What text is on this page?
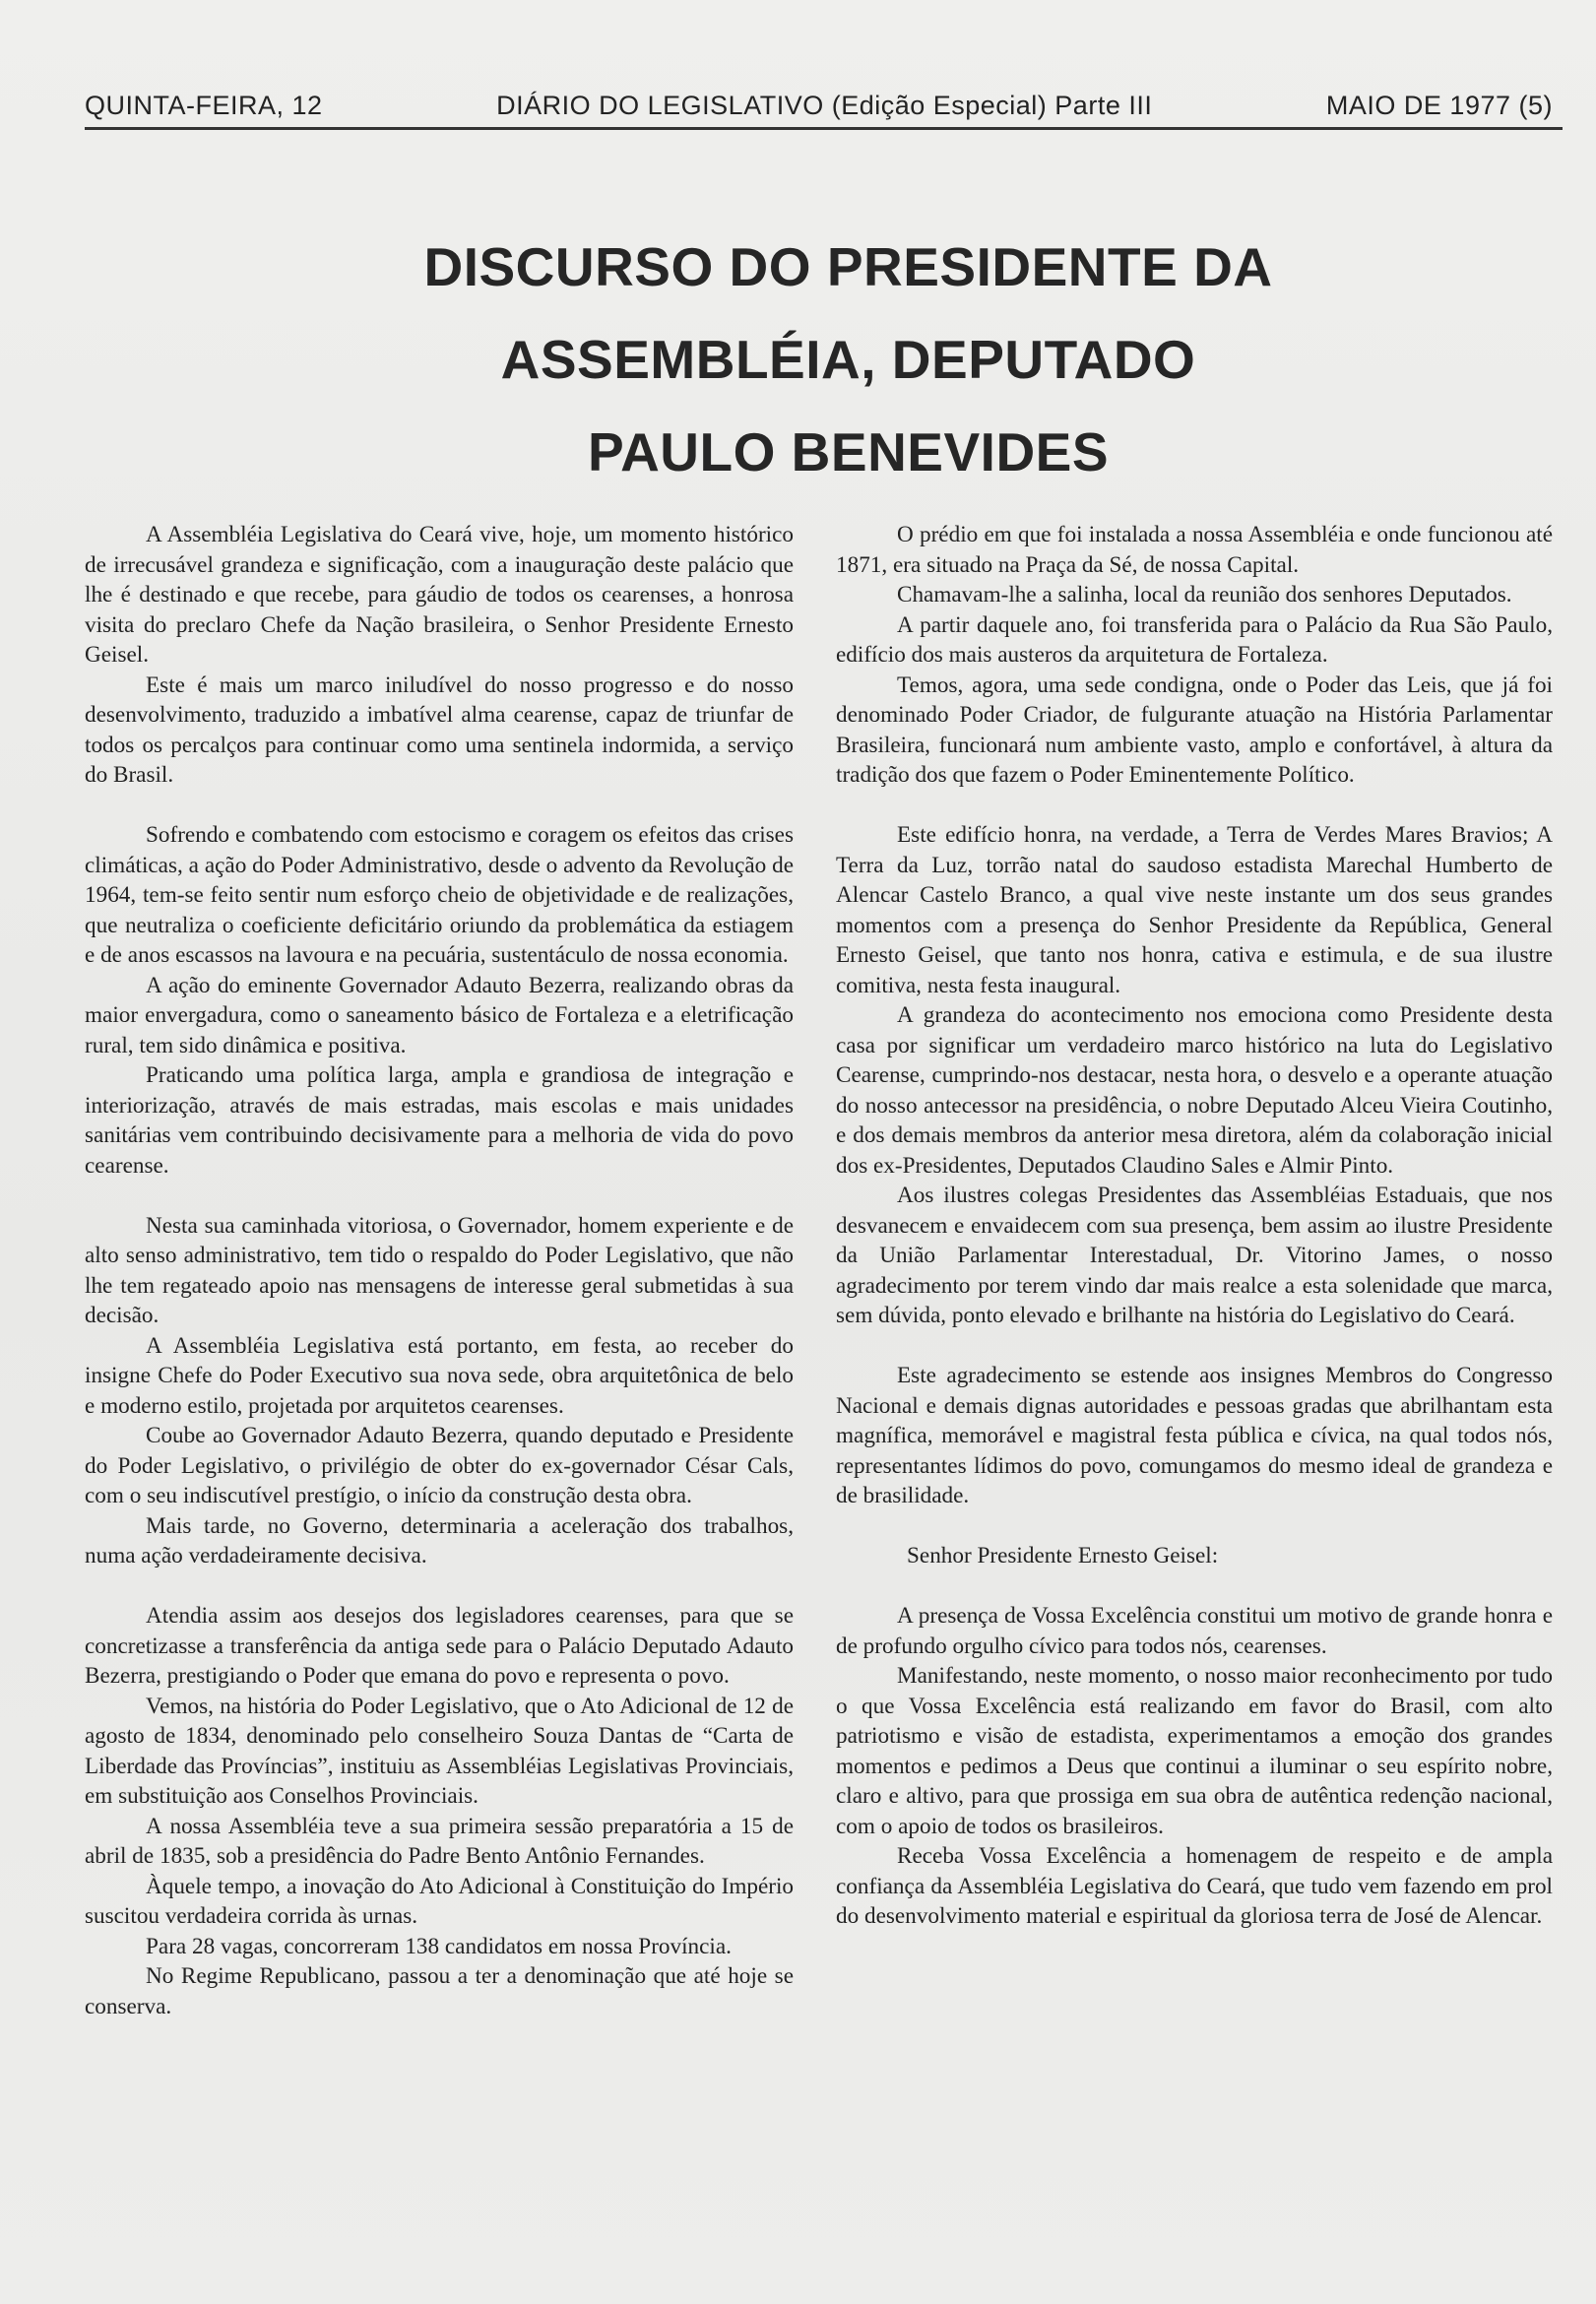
QUINTA-FEIRA, 12	DIÁRIO DO LEGISLATIVO (Edição Especial) Parte III	MAIO DE 1977 (5)
DISCURSO DO PRESIDENTE DA
ASSEMBLÉIA, DEPUTADO
PAULO BENEVIDES

A Assembléia Legislativa do Ceará vive, hoje, um momento histórico de irrecusável grandeza e significação, com a inauguração deste palácio que lhe é destinado e que recebe, para gáudio de todos os cearenses, a honrosa visita do preclaro Chefe da Nação brasileira, o Senhor Presidente Ernesto Geisel.

Este é mais um marco iniludível do nosso progresso e do nosso desenvolvimento, traduzido a imbatível alma cearense, capaz de triunfar de todos os percalços para continuar como uma sentinela indormida, a serviço do Brasil.

Sofrendo e combatendo com estocismo e coragem os efeitos das crises climáticas, a ação do Poder Administrativo, desde o advento da Revolução de 1964, tem-se feito sentir num esforço cheio de objetividade e de realizações, que neutraliza o coeficiente deficitário oriundo da problemática da estiagem e de anos escassos na lavoura e na pecuária, sustentáculo de nossa economia.

A ação do eminente Governador Adauto Bezerra, realizando obras da maior envergadura, como o saneamento básico de Fortaleza e a eletrificação rural, tem sido dinâmica e positiva.

Praticando uma política larga, ampla e grandiosa de integração e interiorização, através de mais estradas, mais escolas e mais unidades sanitárias vem contribuindo decisivamente para a melhoria de vida do povo cearense.

Nesta sua caminhada vitoriosa, o Governador, homem experiente e de alto senso administrativo, tem tido o respaldo do Poder Legislativo, que não lhe tem regateado apoio nas mensagens de interesse geral submetidas à sua decisão.

A Assembléia Legislativa está portanto, em festa, ao receber do insigne Chefe do Poder Executivo sua nova sede, obra arquitetônica de belo e moderno estilo, projetada por arquitetos cearenses.

Coube ao Governador Adauto Bezerra, quando deputado e Presidente do Poder Legislativo, o privilégio de obter do ex-governador César Cals, com o seu indiscutível prestígio, o início da construção desta obra.

Mais tarde, no Governo, determinaria a aceleração dos trabalhos, numa ação verdadeiramente decisiva.

Atendia assim aos desejos dos legisladores cearenses, para que se concretizasse a transferência da antiga sede para o Palácio Deputado Adauto Bezerra, prestigiando o Poder que emana do povo e representa o povo.

Vemos, na história do Poder Legislativo, que o Ato Adicional de 12 de agosto de 1834, denominado pelo conselheiro Souza Dantas de “Carta de Liberdade das Províncias”, instituiu as Assembléias Legislativas Provinciais, em substituição aos Conselhos Provinciais.

A nossa Assembléia teve a sua primeira sessão preparatória a 15 de abril de 1835, sob a presidência do Padre Bento Antônio Fernandes.

Àquele tempo, a inovação do Ato Adicional à Constituição do Império suscitou verdadeira corrida às urnas.

Para 28 vagas, concorreram 138 candidatos em nossa Província.

No Regime Republicano, passou a ter a denominação que até hoje se conserva.

O prédio em que foi instalada a nossa Assembléia e onde funcionou até 1871, era situado na Praça da Sé, de nossa Capital.

Chamavam-lhe a salinha, local da reunião dos senhores Deputados.

A partir daquele ano, foi transferida para o Palácio da Rua São Paulo, edifício dos mais austeros da arquitetura de Fortaleza.

Temos, agora, uma sede condigna, onde o Poder das Leis, que já foi denominado Poder Criador, de fulgurante atuação na História Parlamentar Brasileira, funcionará num ambiente vasto, amplo e confortável, à altura da tradição dos que fazem o Poder Eminentemente Político.

Este edifício honra, na verdade, a Terra de Verdes Mares Bravios; A Terra da Luz, torrão natal do saudoso estadista Marechal Humberto de Alencar Castelo Branco, a qual vive neste instante um dos seus grandes momentos com a presença do Senhor Presidente da República, General Ernesto Geisel, que tanto nos honra, cativa e estimula, e de sua ilustre comitiva, nesta festa inaugural.

A grandeza do acontecimento nos emociona como Presidente desta casa por significar um verdadeiro marco histórico na luta do Legislativo Cearense, cumprindo-nos destacar, nesta hora, o desvelo e a operante atuação do nosso antecessor na presidência, o nobre Deputado Alceu Vieira Coutinho, e dos demais membros da anterior mesa diretora, além da colaboração inicial dos ex-Presidentes, Deputados Claudino Sales e Almir Pinto.

Aos ilustres colegas Presidentes das Assembléias Estaduais, que nos desvanecem e envaidecem com sua presença, bem assim ao ilustre Presidente da União Parlamentar Interestadual, Dr. Vitorino James, o nosso agradecimento por terem vindo dar mais realce a esta solenidade que marca, sem dúvida, ponto elevado e brilhante na história do Legislativo do Ceará.

Este agradecimento se estende aos insignes Membros do Congresso Nacional e demais dignas autoridades e pessoas gradas que abrilhantam esta magnífica, memorável e magistral festa pública e cívica, na qual todos nós, representantes lídimos do povo, comungamos do mesmo ideal de grandeza e de brasilidade.

Senhor Presidente Ernesto Geisel:

A presença de Vossa Excelência constitui um motivo de grande honra e de profundo orgulho cívico para todos nós, cearenses.

Manifestando, neste momento, o nosso maior reconhecimento por tudo o que Vossa Excelência está realizando em favor do Brasil, com alto patriotismo e visão de estadista, experimentamos a emoção dos grandes momentos e pedimos a Deus que continui a iluminar o seu espírito nobre, claro e altivo, para que prossiga em sua obra de autêntica redenção nacional, com o apoio de todos os brasileiros.

Receba Vossa Excelência a homenagem de respeito e de ampla confiança da Assembléia Legislativa do Ceará, que tudo vem fazendo em prol do desenvolvimento material e espiritual da gloriosa terra de José de Alencar.
